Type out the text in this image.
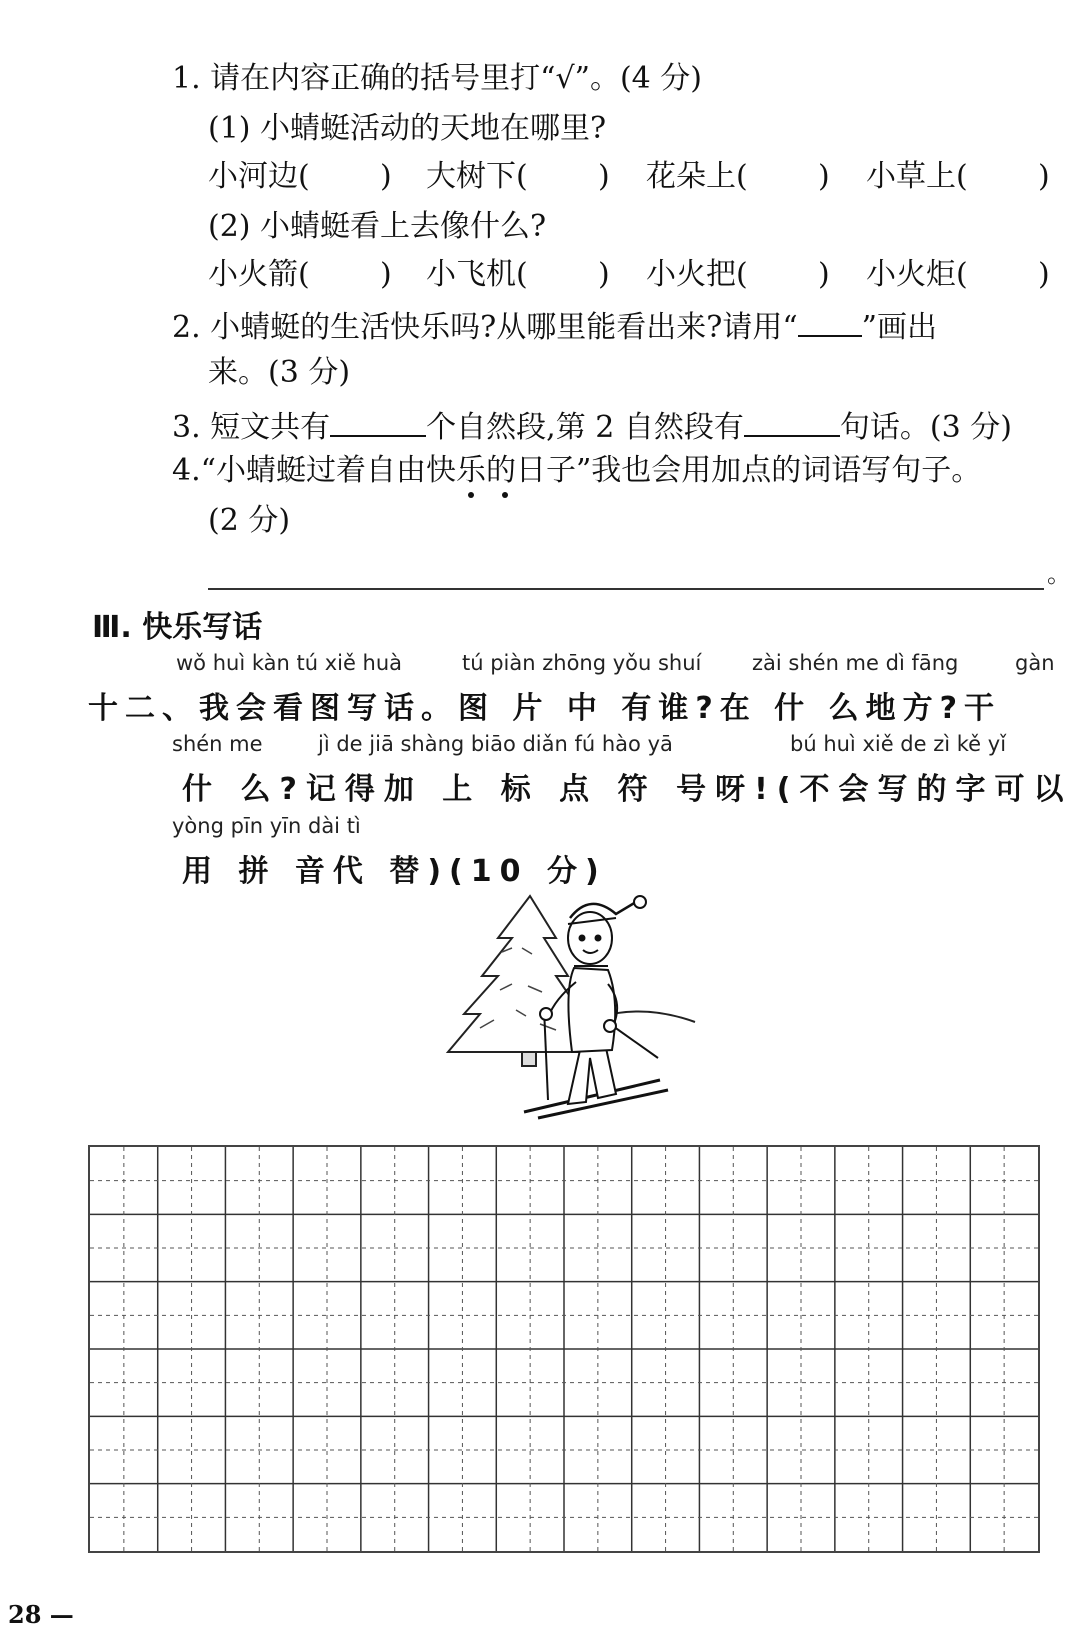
1. 请在内容正确的括号里打“√”。(4 分)
(1) 小蜻蜓活动的天地在哪里?
小河边( ) 大树下( ) 花朵上( ) 小草上( )
(2) 小蜻蜓看上去像什么?
小火箭( ) 小飞机( ) 小火把( ) 小火炬( )
2. 小蜻蜓的生活快乐吗?从哪里能看出来?请用“ ”画出
来。(3 分)
3. 短文共有	个自然段,第 2 自然段有	句话。(3 分)
4.“小蜻蜓过着自由快乐的日子”我也会用加点的词语写句子。
(2 分)
。
Ⅲ. 快乐写话
wǒ huì kàn tú xiě huà	tú piàn zhōng yǒu shuí zài shén me dì fāng	gàn
十二、我会看图写话。图 片 中 有谁?在 什 么地方?干
shén me	jì de jiā shàng biāo diǎn fú hào yā	bú huì xiě de zì kě yǐ
什 么?记得加 上 标 点 符 号呀!(不会写的字可以
yòng pīn yīn dài tì
用 拼 音代 替)(10 分)
28 —
